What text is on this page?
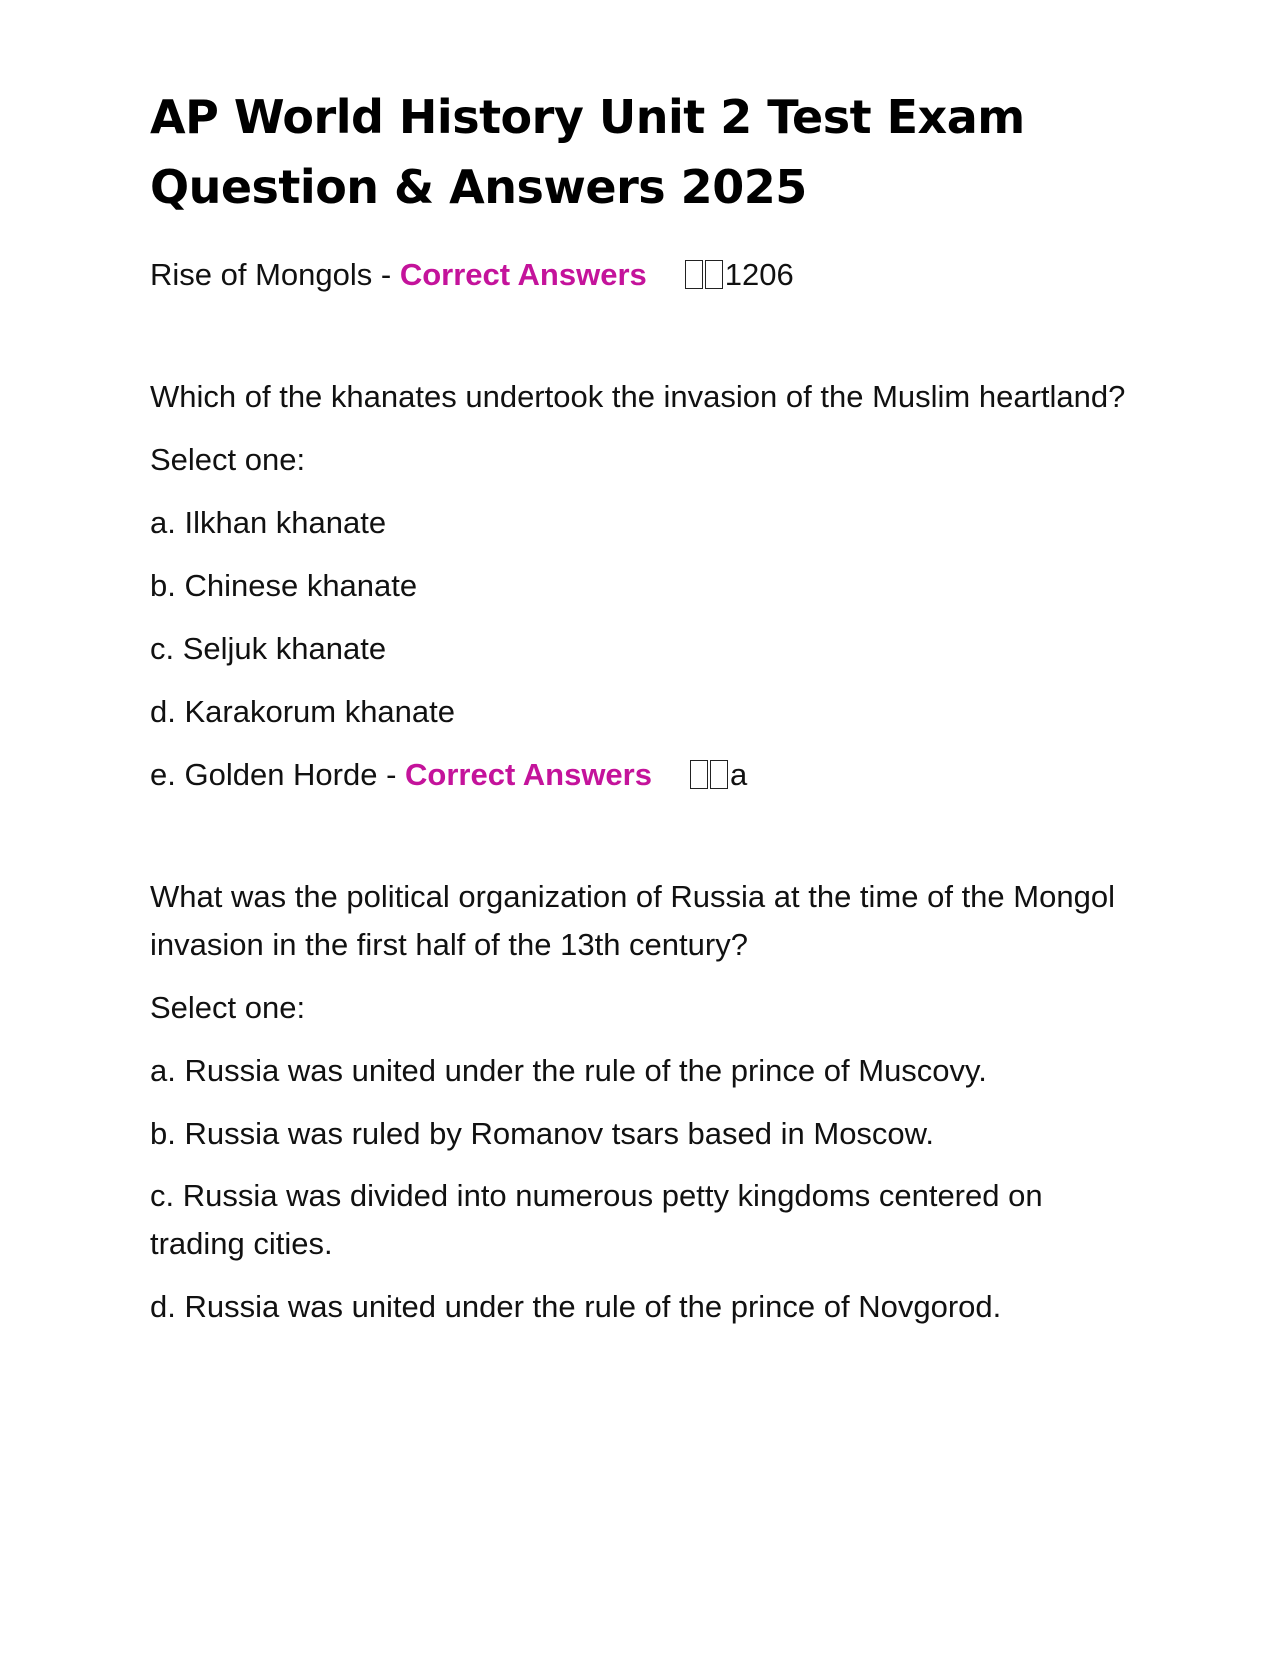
AP World History Unit 2 Test Exam
Question & Answers 2025

Rise of Mongols - Correct Answers	1206

Which of the khanates undertook the invasion of the Muslim heartland?

Select one:

a. Ilkhan khanate

b. Chinese khanate

c. Seljuk khanate

d. Karakorum khanate

e. Golden Horde - Correct Answers	a

What was the political organization of Russia at the time of the Mongol invasion in the first half of the 13th century?

Select one:

a. Russia was united under the rule of the prince of Muscovy.

b. Russia was ruled by Romanov tsars based in Moscow.

c. Russia was divided into numerous petty kingdoms centered on trading cities.

d. Russia was united under the rule of the prince of Novgorod.
